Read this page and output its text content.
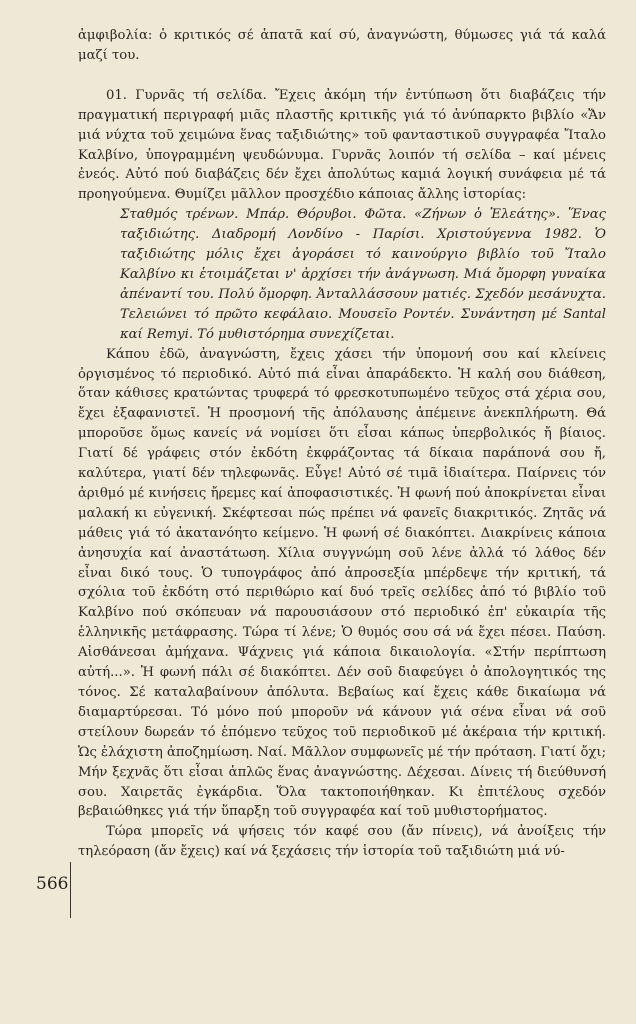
ἀμφιβολία: ὁ κριτικός σέ ἀπατᾶ καί σύ, ἀναγνώστη, θύμωσες γιά τά καλά μαζί του.

01. Γυρνᾶς τή σελίδα. Ἔχεις ἀκόμη τήν ἐντύπωση ὅτι διαβάζεις τήν πραγματική περιγραφή μιᾶς πλαστῆς κριτικῆς γιά τό ἀνύπαρκτο βιβλίο «Ἄν μιά νύχτα τοῦ χειμώνα ἕνας ταξιδιώτης» τοῦ φανταστικοῦ συγγραφέα Ἴταλο Καλβίνο, ὑπογραμμένη ψευδώνυμα. Γυρνᾶς λοιπόν τή σελίδα – καί μένεις ἐνεός. Αὐτό πού διαβάζεις δέν ἔχει ἀπολύτως καμιά λογική συνάφεια μέ τά προηγούμενα. Θυμίζει μᾶλλον προσχέδιο κάποιας ἄλλης ἱστορίας:

Σταθμός τρένων. Μπάρ. Θόρυβοι. Φῶτα. «Ζήνων ὁ Ἐλεάτης». Ἕνας ταξιδιώτης. Διαδρομή Λονδίνο - Παρίσι. Χριστούγεννα 1982. Ὁ ταξιδιώτης μόλις ἔχει ἀγοράσει τό καινούργιο βιβλίο τοῦ Ἴταλο Καλβίνο κι ἑτοιμάζεται ν' ἀρχίσει τήν ἀνάγνωση. Μιά ὄμορφη γυναίκα ἀπέναντί του. Πολύ ὄμορφη. Ἀνταλλάσσουν ματιές. Σχεδόν μεσάνυχτα. Τελειώνει τό πρῶτο κεφάλαιο. Μουσεῖο Ροντέν. Συνάντηση μέ Santal καί Remyi. Τό μυθιστόρημα συνεχίζεται.

Κάπου ἐδῶ, ἀναγνώστη, ἔχεις χάσει τήν ὑπομονή σου καί κλείνεις ὀργισμένος τό περιοδικό. Αὐτό πιά εἶναι ἀπαράδεκτο. Ἡ καλή σου διάθεση, ὅταν κάθισες κρατώντας τρυφερά τό φρεσκοτυπωμένο τεῦχος στά χέρια σου, ἔχει ἐξαφανιστεῖ. Ἡ προσμονή τῆς ἀπόλαυσης ἀπέμεινε ἀνεκπλήρωτη. Θά μποροῦσε ὅμως κανείς νά νομίσει ὅτι εἶσαι κάπως ὑπερβολικός ἤ βίαιος. Γιατί δέ γράφεις στόν ἐκδότη ἐκφράζοντας τά δίκαια παράπονά σου ἤ, καλύτερα, γιατί δέν τηλεφωνᾶς. Εὖγε! Αὐτό σέ τιμᾶ ἰδιαίτερα. Παίρνεις τόν ἀριθμό μέ κινήσεις ἤρεμες καί ἀποφασιστικές. Ἡ φωνή πού ἀποκρίνεται εἶναι μαλακή κι εὐγενική. Σκέφτεσαι πώς πρέπει νά φανεῖς διακριτικός. Ζητᾶς νά μάθεις γιά τό ἀκατανόητο κείμενο. Ἡ φωνή σέ διακόπτει. Διακρίνεις κάποια ἀνησυχία καί ἀναστάτωση. Χίλια συγγνώμη σοῦ λένε ἀλλά τό λάθος δέν εἶναι δικό τους. Ὁ τυπογράφος ἀπό ἀπροσεξία μπέρδεψε τήν κριτική, τά σχόλια τοῦ ἐκδότη στό περιθώριο καί δυό τρεῖς σελίδες ἀπό τό βιβλίο τοῦ Καλβίνο πού σκόπευαν νά παρουσιάσουν στό περιοδικό ἐπ' εὐκαιρία τῆς ἑλληνικῆς μετάφρασης. Τώρα τί λένε; Ὁ θυμός σου σά νά ἔχει πέσει. Παύση. Αἰσθάνεσαι ἀμήχανα. Ψάχνεις γιά κάποια δικαιολογία. «Στήν περίπτωση αὐτή...». Ἡ φωνή πάλι σέ διακόπτει. Δέν σοῦ διαφεύγει ὁ ἀπολογητικός της τόνος. Σέ καταλαβαίνουν ἀπόλυτα. Βεβαίως καί ἔχεις κάθε δικαίωμα νά διαμαρτύρεσαι. Τό μόνο πού μποροῦν νά κάνουν γιά σένα εἶναι νά σοῦ στείλουν δωρεάν τό ἑπόμενο τεῦχος τοῦ περιοδικοῦ μέ ἀκέραια τήν κριτική. Ὡς ἐλάχιστη ἀποζημίωση. Ναί. Μᾶλλον συμφωνεῖς μέ τήν πρόταση. Γιατί ὄχι; Μήν ξεχνᾶς ὅτι εἶσαι ἁπλῶς ἕνας ἀναγνώστης. Δέχεσαι. Δίνεις τή διεύθυνσή σου. Χαιρετᾶς ἐγκάρδια. Ὅλα τακτοποιήθηκαν. Κι ἐπιτέλους σχεδόν βεβαιώθηκες γιά τήν ὕπαρξη τοῦ συγγραφέα καί τοῦ μυθιστορήματος.

Τώρα μπορεῖς νά ψήσεις τόν καφέ σου (ἄν πίνεις), νά ἀνοίξεις τήν τηλεόραση (ἄν ἔχεις) καί νά ξεχάσεις τήν ἱστορία τοῦ ταξιδιώτη μιά νύ-

566
